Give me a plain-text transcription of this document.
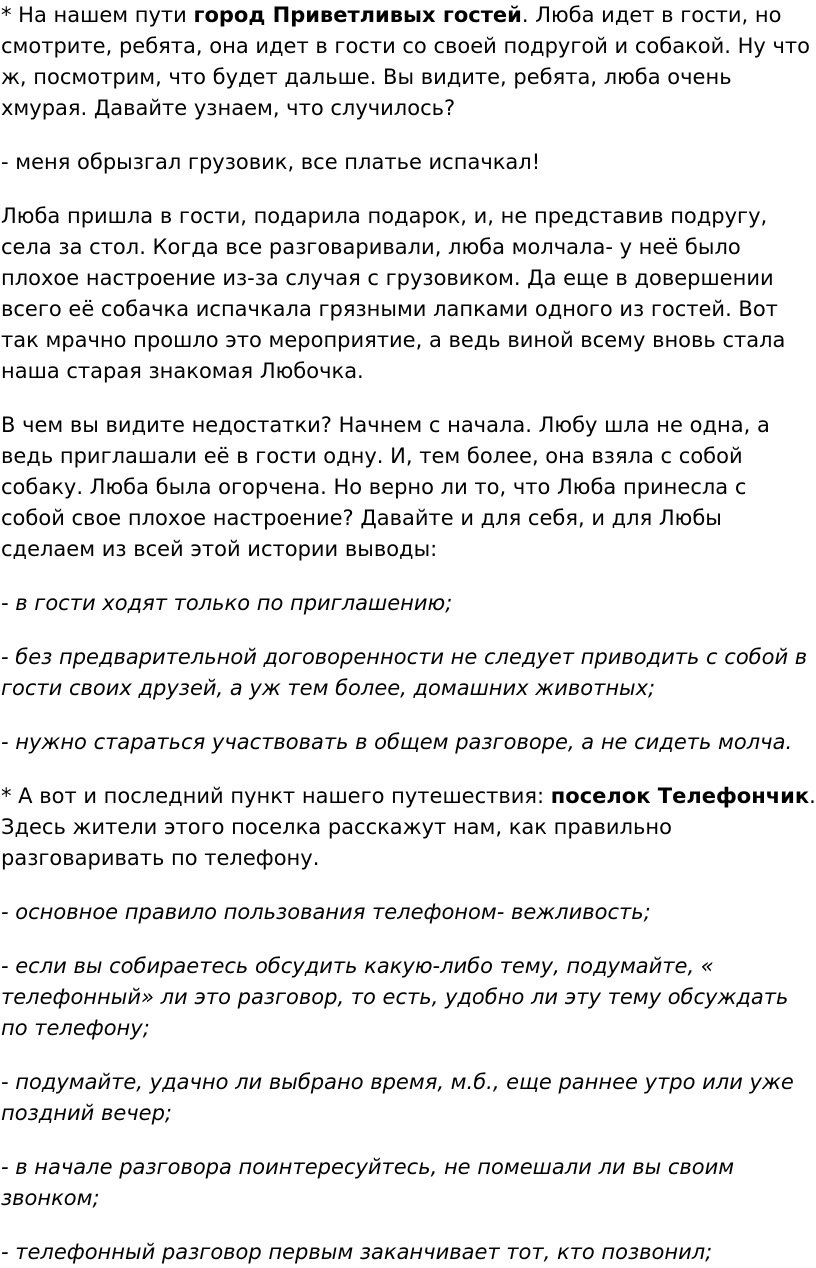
* На нашем пути город Приветливых гостей. Люба идет в гости, но смотрите, ребята, она идет в гости со своей подругой и собакой. Ну что ж, посмотрим, что будет дальше. Вы видите, ребята, люба очень хмурая. Давайте узнаем, что случилось?

- меня обрызгал грузовик, все платье испачкал!

Люба пришла в гости, подарила подарок, и, не представив подругу, села за стол. Когда все разговаривали, люба молчала- у неё было плохое настроение из-за случая с грузовиком. Да еще в довершении всего её собачка испачкала грязными лапками одного из гостей. Вот так мрачно прошло это мероприятие, а ведь виной всему вновь стала наша старая знакомая Любочка.

В чем вы видите недостатки? Начнем с начала. Любу шла не одна, а ведь приглашали её в гости одну. И, тем более, она взяла с собой собаку. Люба была огорчена. Но верно ли то, что Люба принесла с собой свое плохое настроение? Давайте и для себя, и для Любы сделаем из всей этой истории выводы:

- в гости ходят только по приглашению;

- без предварительной договоренности не следует приводить с собой в гости своих друзей, а уж тем более, домашних животных;

- нужно стараться участвовать в общем разговоре, а не сидеть молча.

* А вот и последний пункт нашего путешествия: поселок Телефончик. Здесь жители этого поселка расскажут нам, как правильно разговаривать по телефону.

- основное правило пользования телефоном- вежливость;

- если вы собираетесь обсудить какую-либо тему, подумайте, « телефонный» ли это разговор, то есть, удобно ли эту тему обсуждать по телефону;

- подумайте, удачно ли выбрано время, м.б., еще раннее утро или уже поздний вечер;

- в начале разговора поинтересуйтесь, не помешали ли вы своим звонком;

- телефонный разговор первым заканчивает тот, кто позвонил;
